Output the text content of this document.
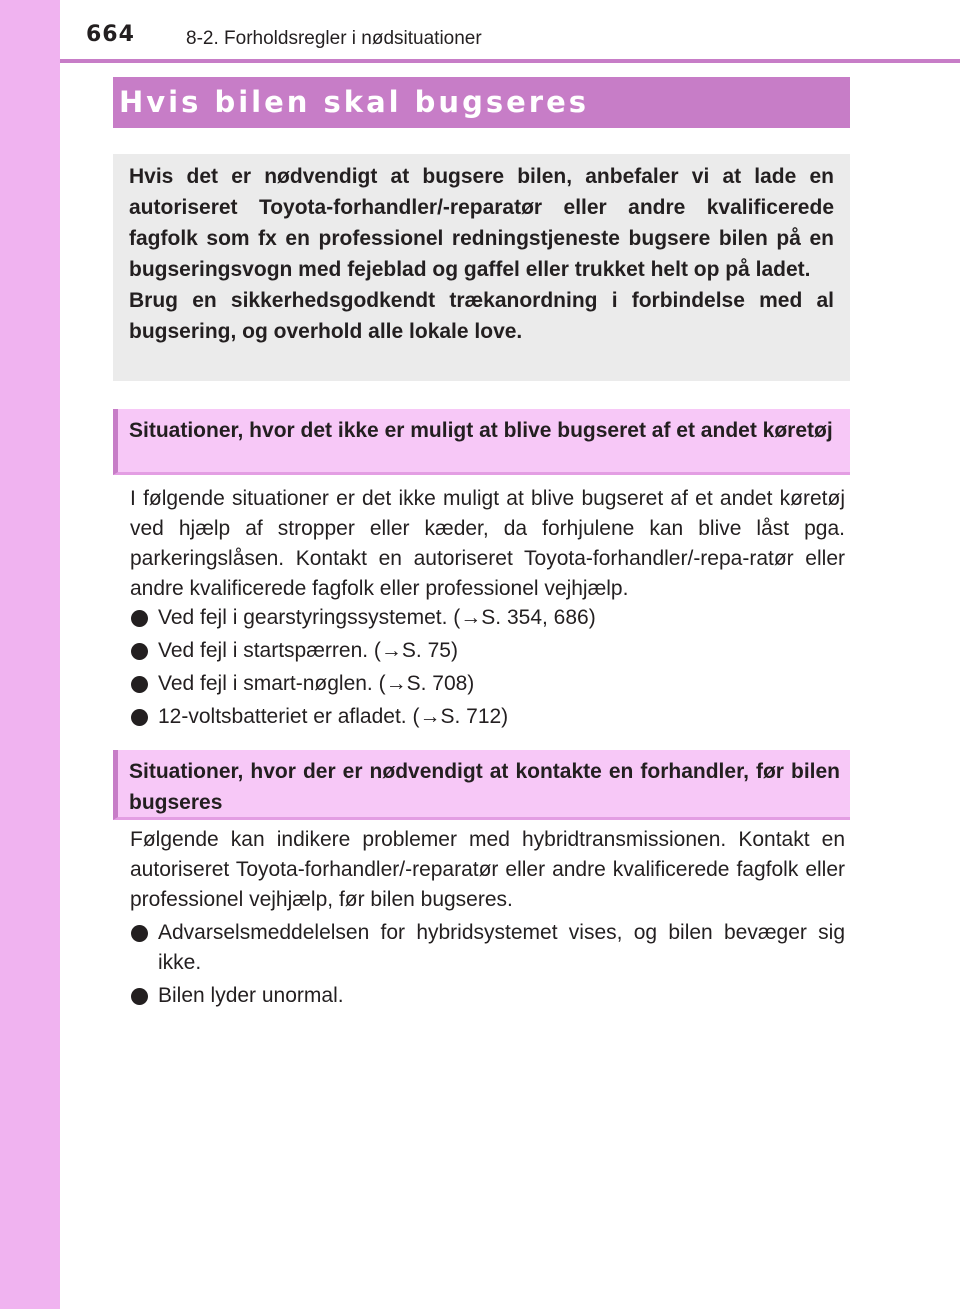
664	8-2. Forholdsregler i nødsituationer
Hvis bilen skal bugseres

Hvis det er nødvendigt at bugsere bilen, anbefaler vi at lade en autoriseret Toyota-forhandler/-reparatør eller andre kvalificerede fagfolk som fx en professionel redningstjeneste bugsere bilen på en bugseringsvogn med fejeblad og gaffel eller trukket helt op på ladet.

Brug en sikkerhedsgodkendt trækanordning i forbindelse med al bugsering, og overhold alle lokale love.

Situationer, hvor det ikke er muligt at blive bugseret af et andet køretøj
I følgende situationer er det ikke muligt at blive bugseret af et andet køretøj ved hjælp af stropper eller kæder, da forhjulene kan blive låst pga. parkeringslåsen. Kontakt en autoriseret Toyota-forhandler/-repa-ratør eller andre kvalificerede fagfolk eller professionel vejhjælp.
Ved fejl i gearstyringssystemet. (→S. 354, 686)
Ved fejl i startspærren. (→S. 75)
Ved fejl i smart-nøglen. (→S. 708)
12-voltsbatteriet er afladet. (→S. 712)
Situationer, hvor der er nødvendigt at kontakte en forhandler, før bilen bugseres
Følgende kan indikere problemer med hybridtransmissionen. Kontakt en autoriseret Toyota-forhandler/-reparatør eller andre kvalificerede fagfolk eller professionel vejhjælp, før bilen bugseres.
Advarselsmeddelelsen for hybridsystemet vises, og bilen bevæger sig ikke.
Bilen lyder unormal.
